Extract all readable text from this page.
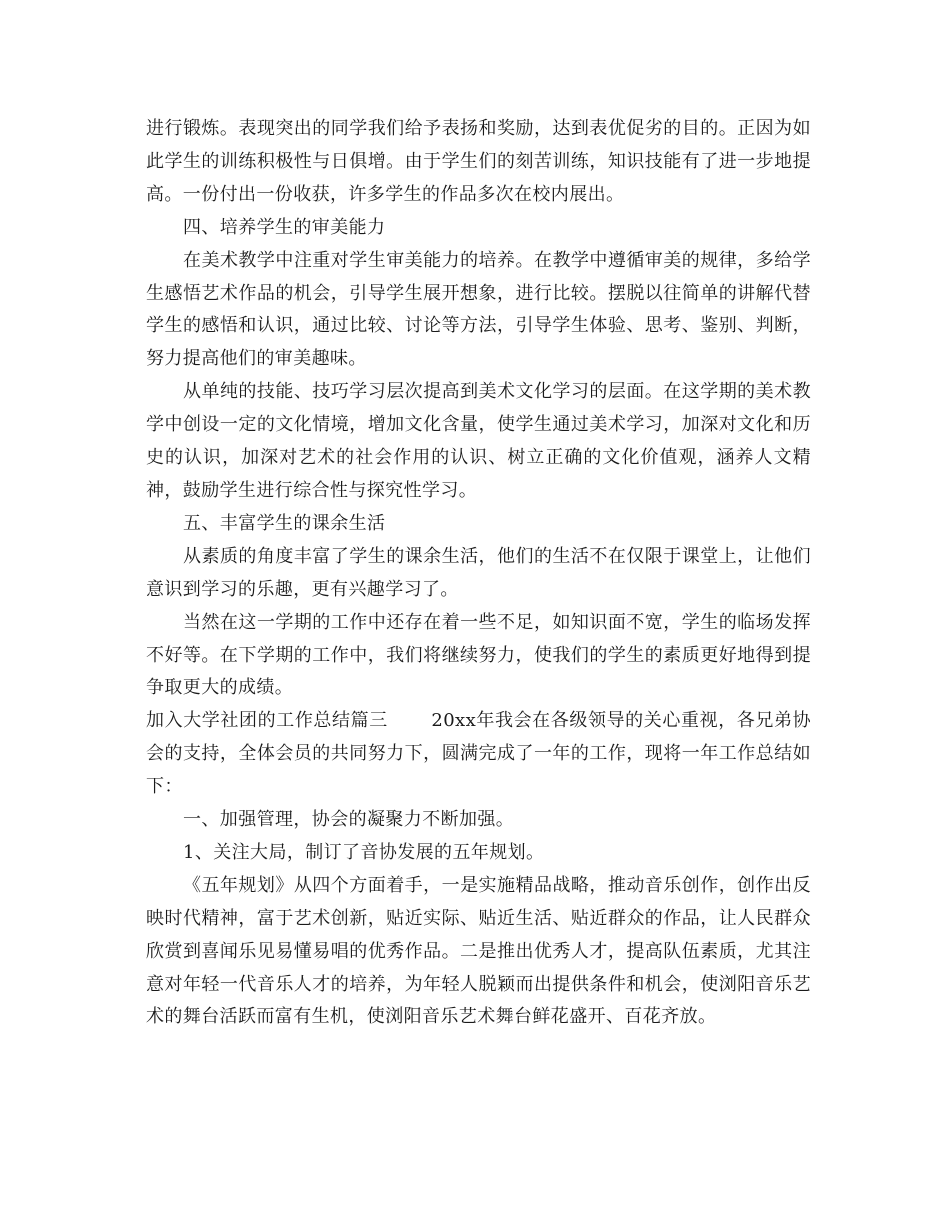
进行锻炼。表现突出的同学我们给予表扬和奖励，达到表优促劣的目的。正因为如此学生的训练积极性与日俱增。由于学生们的刻苦训练，知识技能有了进一步地提高。一份付出一份收获，许多学生的作品多次在校内展出。

四、培养学生的审美能力

在美术教学中注重对学生审美能力的培养。在教学中遵循审美的规律，多给学生感悟艺术作品的机会，引导学生展开想象，进行比较。摆脱以往简单的讲解代替学生的感悟和认识，通过比较、讨论等方法，引导学生体验、思考、鉴别、判断，努力提高他们的审美趣味。

从单纯的技能、技巧学习层次提高到美术文化学习的层面。在这学期的美术教学中创设一定的文化情境，增加文化含量，使学生通过美术学习，加深对文化和历史的认识，加深对艺术的社会作用的认识、树立正确的文化价值观，涵养人文精神，鼓励学生进行综合性与探究性学习。

五、丰富学生的课余生活

从素质的角度丰富了学生的课余生活，他们的生活不在仅限于课堂上，让他们意识到学习的乐趣，更有兴趣学习了。

当然在这一学期的工作中还存在着一些不足，如知识面不宽，学生的临场发挥不好等。在下学期的工作中，我们将继续努力，使我们的学生的素质更好地得到提争取更大的成绩。

加入大学社团的工作总结篇三　　 20xx年我会在各级领导的关心重视，各兄弟协会的支持，全体会员的共同努力下，圆满完成了一年的工作，现将一年工作总结如下：

一、加强管理，协会的凝聚力不断加强。

1、关注大局，制订了音协发展的五年规划。

《五年规划》从四个方面着手，一是实施精品战略，推动音乐创作，创作出反映时代精神，富于艺术创新，贴近实际、贴近生活、贴近群众的作品，让人民群众欣赏到喜闻乐见易懂易唱的优秀作品。二是推出优秀人才，提高队伍素质，尤其注意对年轻一代音乐人才的培养，为年轻人脱颖而出提供条件和机会，使浏阳音乐艺术的舞台活跃而富有生机，使浏阳音乐艺术舞台鲜花盛开、百花齐放。
